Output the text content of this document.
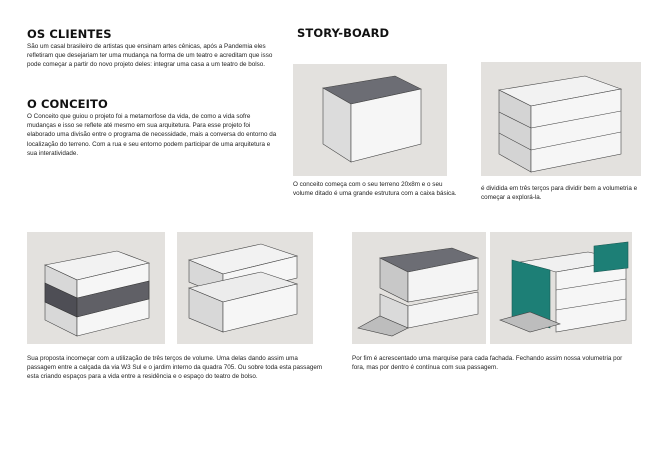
OS CLIENTES
São um casal brasileiro de artistas que ensinam artes cênicas, após a Pandemia eles refletiram que desejariam ter uma mudança na forma de um teatro e acreditam que isso pode começar a partir do novo projeto deles: integrar uma casa a um teatro de bolso.
O CONCEITO
O Conceito que guiou o projeto foi a metamorfose da vida, de como a vida sofre mudanças e isso se reflete até mesmo em sua arquitetura. Para esse projeto foi elaborado uma divisão entre o programa de necessidade, mais a conversa do entorno da localização do terreno. Com a rua e seu entorno podem participar de uma arquitetura e sua interatividade.
STORY-BOARD
O conceito começa com o seu terreno 20x8m e o seu volume ditado é uma grande estrutura com a caixa básica.
é dividida em três terços para dividir bem a volumetria e começar a explorá-la.
Sua proposta incomeçar com a utilização de três terços de volume. Uma delas dando assim uma passagem entre a calçada da via W3 Sul e o jardim interno da quadra 705. Ou sobre toda esta passagem esta criando espaços para a vida entre a residência e o espaço do teatro de bolso.
Por fim é acrescentado uma marquise para cada fachada. Fechando assim nossa volumetria por fora, mas por dentro é contínua com sua passagem.
